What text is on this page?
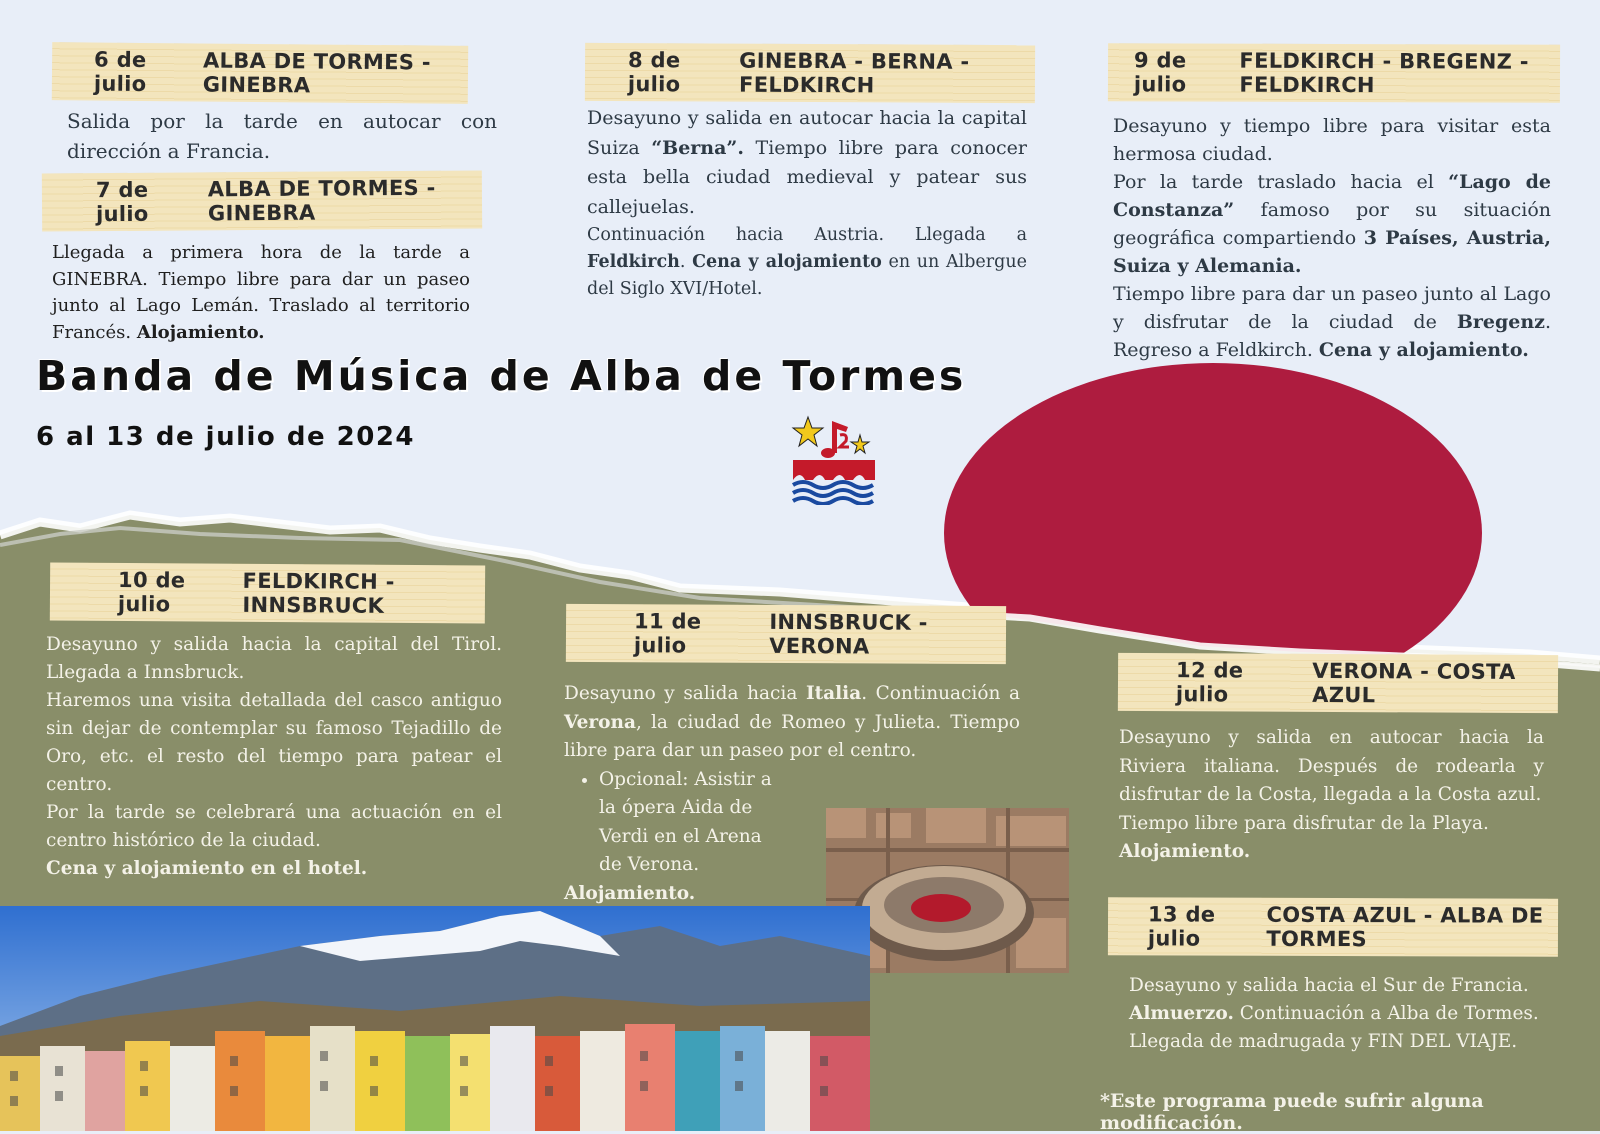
6 de julio
ALBA DE TORMES - GINEBRA
Salida por la tarde en autocar con dirección a Francia.
7 de julio
ALBA DE TORMES - GINEBRA
Llegada a primera hora de la tarde a GINEBRA. Tiempo libre para dar un paseo junto al Lago Lemán. Traslado al territorio Francés. Alojamiento.
8 de julio
GINEBRA - BERNA - FELDKIRCH
Desayuno y salida en autocar hacia la capital Suiza “Berna”. Tiempo libre para conocer esta bella ciudad medieval y patear sus callejuelas.
Continuación hacia Austria. Llegada a Feldkirch. Cena y alojamiento en un Albergue del Siglo XVI/Hotel.
9 de julio
FELDKIRCH - BREGENZ - FELDKIRCH
Desayuno y tiempo libre para visitar esta hermosa ciudad.
Por la tarde traslado hacia el “Lago de Constanza” famoso por su situación geográfica compartiendo 3 Países, Austria, Suiza y Alemania.
Tiempo libre para dar un paseo junto al Lago y disfrutar de la ciudad de Bregenz. Regreso a Feldkirch. Cena y alojamiento.
Banda de Música de Alba de Tormes
6 al 13 de julio de 2024
10 de julio
FELDKIRCH - INNSBRUCK
Desayuno y salida hacia la capital del Tirol. Llegada a Innsbruck.
Haremos una visita detallada del casco antiguo sin dejar de contemplar su famoso Tejadillo de Oro, etc. el resto del tiempo para patear el centro.
Por la tarde se celebrará una actuación en el centro histórico de la ciudad.
Cena y alojamiento en el hotel.
11 de julio
INNSBRUCK - VERONA
Desayuno y salida hacia Italia. Continuación a Verona, la ciudad de Romeo y Julieta. Tiempo libre para dar un paseo por el centro.
• Opcional: Asistir a la ópera Aida de Verdi en el Arena de Verona.
Alojamiento.
12 de julio
VERONA - COSTA AZUL
Desayuno y salida en autocar hacia la Riviera italiana. Después de rodearla y disfrutar de la Costa, llegada a la Costa azul.
Tiempo libre para disfrutar de la Playa.
Alojamiento.
13 de julio
COSTA AZUL - ALBA DE TORMES
Desayuno y salida hacia el Sur de Francia.
Almuerzo. Continuación a Alba de Tormes. Llegada de madrugada y FIN DEL VIAJE.
*Este programa puede sufrir alguna modificación.
